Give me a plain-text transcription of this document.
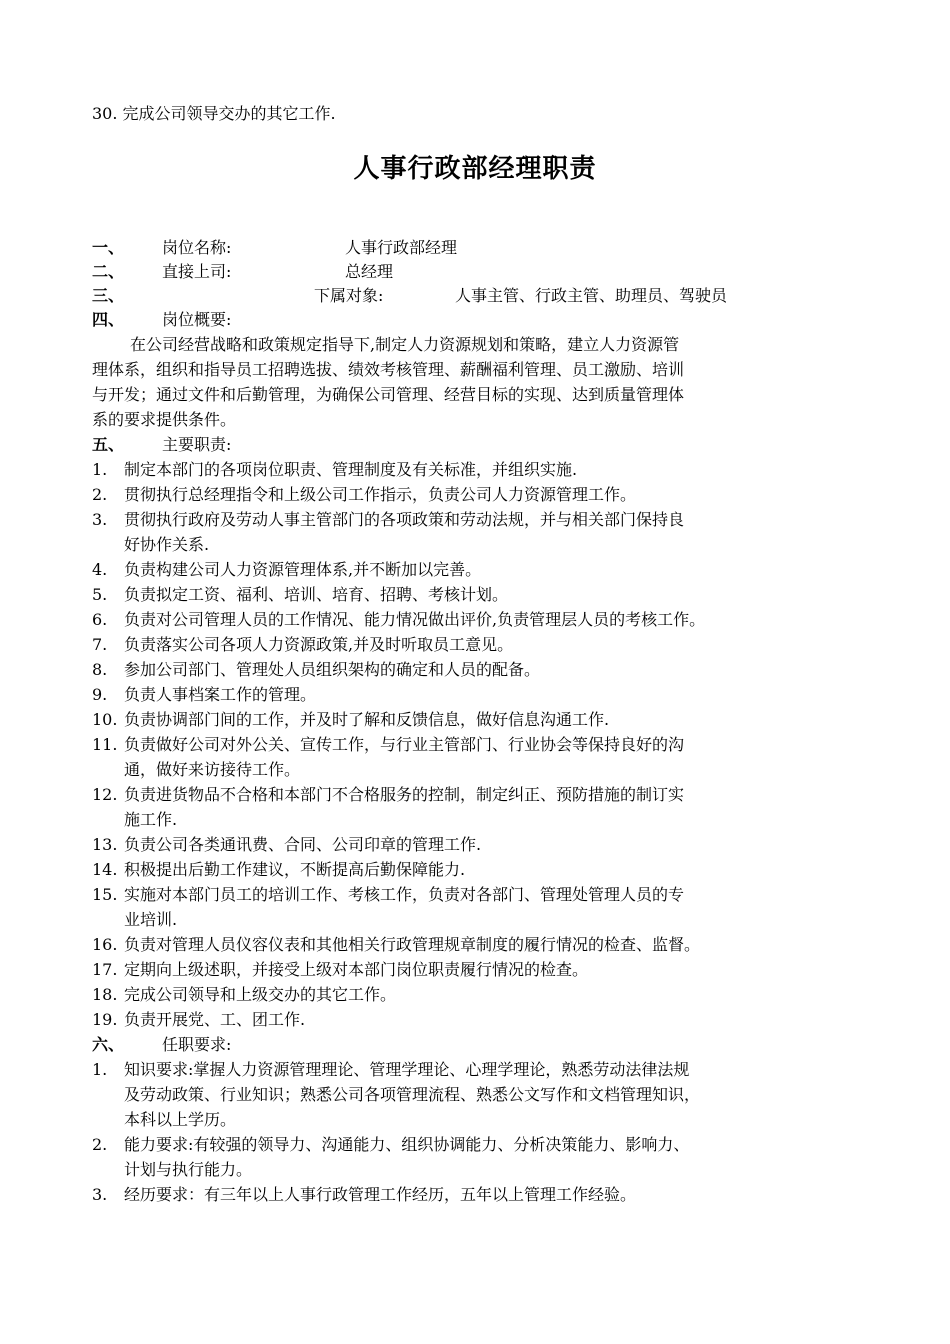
30. 完成公司领导交办的其它工作.
人事行政部经理职责
一、 岗位名称:	人事行政部经理
二、 直接上司:	总经理
三、	下属对象:	人事主管、行政主管、助理员、驾驶员
四、 岗位概要:
在公司经营战略和政策规定指导下,制定人力资源规划和策略，建立人力资源管
理体系，组织和指导员工招聘选拔、绩效考核管理、薪酬福利管理、员工激励、培训
与开发；通过文件和后勤管理，为确保公司管理、经营目标的实现、达到质量管理体
系的要求提供条件。
五、 主要职责:
1. 制定本部门的各项岗位职责、管理制度及有关标准，并组织实施.
2. 贯彻执行总经理指令和上级公司工作指示，负责公司人力资源管理工作。
3. 贯彻执行政府及劳动人事主管部门的各项政策和劳动法规，并与相关部门保持良
好协作关系.
4. 负责构建公司人力资源管理体系,并不断加以完善。
5. 负责拟定工资、福利、培训、培育、招聘、考核计划。
6. 负责对公司管理人员的工作情况、能力情况做出评价,负责管理层人员的考核工作。
7. 负责落实公司各项人力资源政策,并及时听取员工意见。
8. 参加公司部门、管理处人员组织架构的确定和人员的配备。
9. 负责人事档案工作的管理。
10. 负责协调部门间的工作，并及时了解和反馈信息，做好信息沟通工作.
11. 负责做好公司对外公关、宣传工作，与行业主管部门、行业协会等保持良好的沟
通，做好来访接待工作。
12. 负责进货物品不合格和本部门不合格服务的控制，制定纠正、预防措施的制订实
施工作.
13. 负责公司各类通讯费、合同、公司印章的管理工作.
14. 积极提出后勤工作建议，不断提高后勤保障能力.
15. 实施对本部门员工的培训工作、考核工作，负责对各部门、管理处管理人员的专
业培训.
16. 负责对管理人员仪容仪表和其他相关行政管理规章制度的履行情况的检查、监督。
17. 定期向上级述职，并接受上级对本部门岗位职责履行情况的检查。
18. 完成公司领导和上级交办的其它工作。
19. 负责开展党、工、团工作.
六、 任职要求:
1. 知识要求:掌握人力资源管理理论、管理学理论、心理学理论，熟悉劳动法律法规
及劳动政策、行业知识；熟悉公司各项管理流程、熟悉公文写作和文档管理知识，
本科以上学历。
2. 能力要求:有较强的领导力、沟通能力、组织协调能力、分析决策能力、影响力、
计划与执行能力。
3. 经历要求：有三年以上人事行政管理工作经历，五年以上管理工作经验。
